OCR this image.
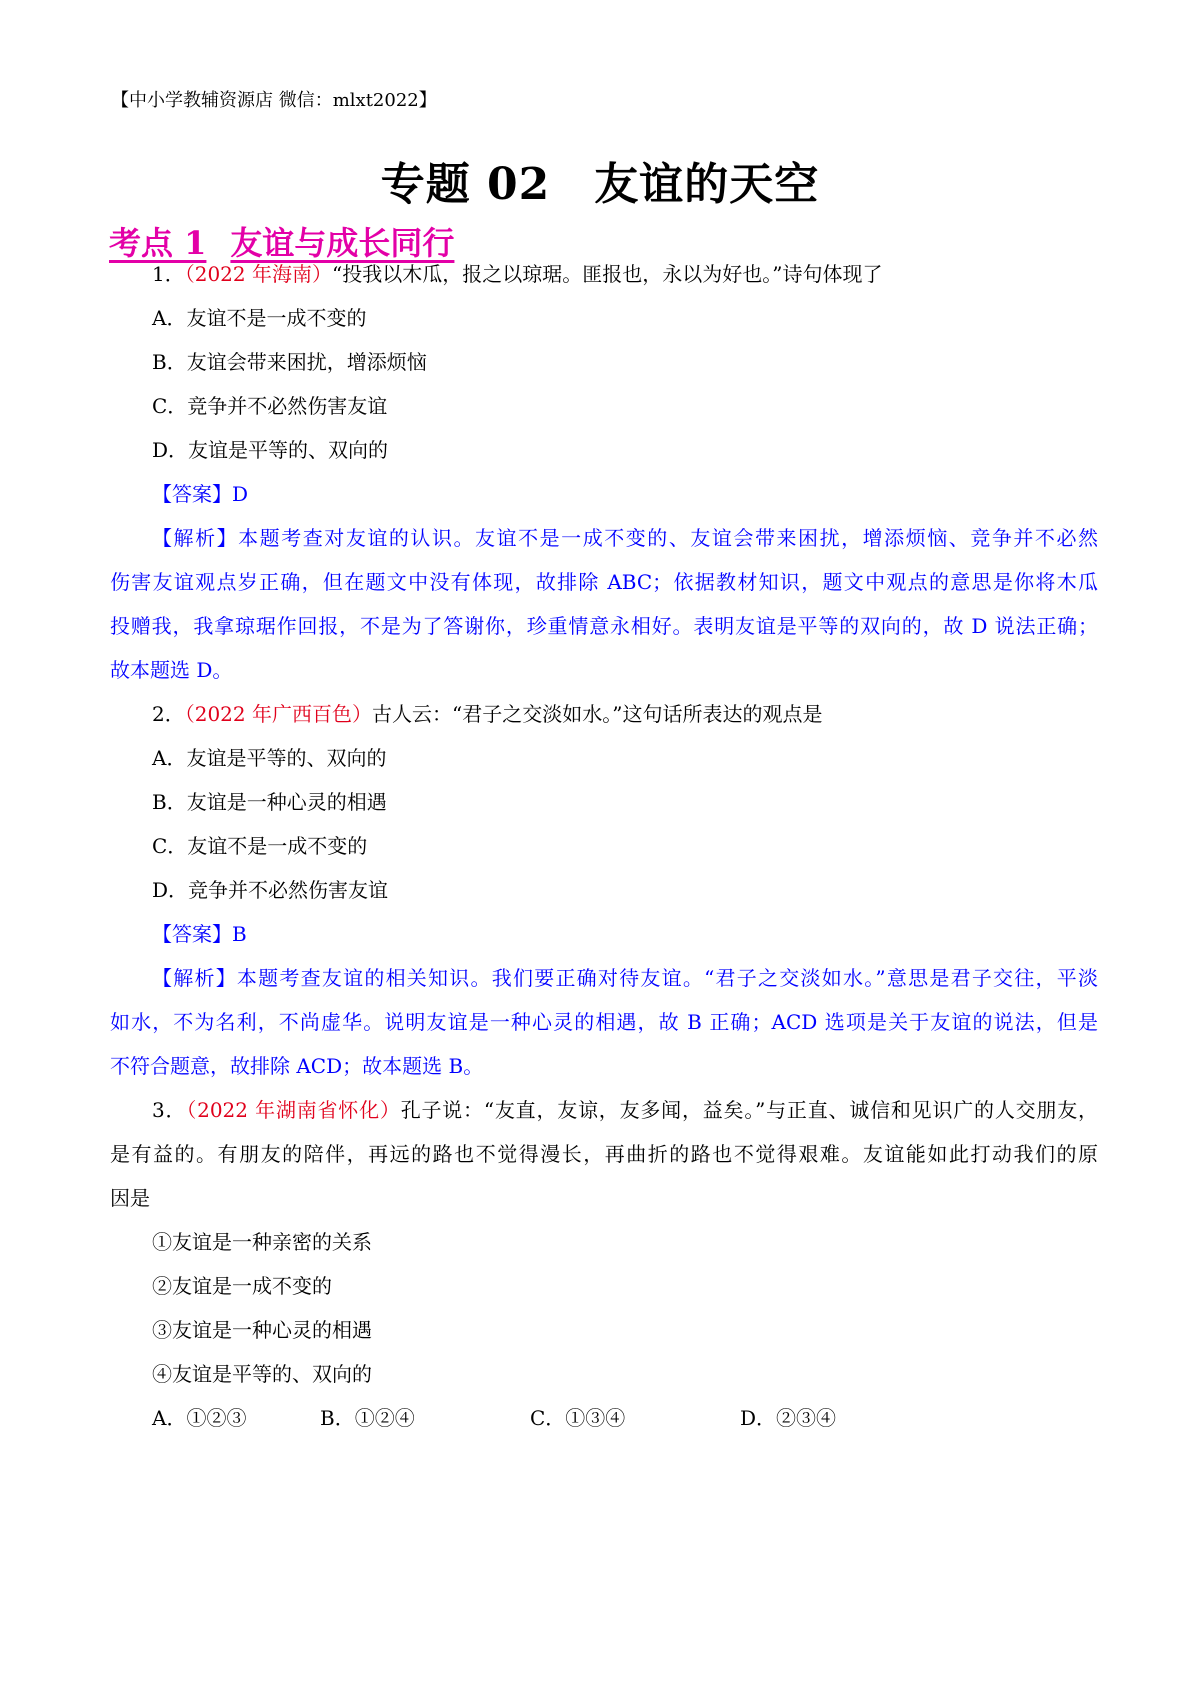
【中小学教辅资源店 微信：mlxt2022】
专题 02 友谊的天空
考点 1 友谊与成长同行
1．（2022 年海南）“投我以木瓜，报之以琼琚。匪报也，永以为好也。”诗句体现了
A．友谊不是一成不变的
B．友谊会带来困扰，增添烦恼
C．竞争并不必然伤害友谊
D．友谊是平等的、双向的
【答案】D
【解析】本题考查对友谊的认识。友谊不是一成不变的、友谊会带来困扰，增添烦恼、竞争并不必然
伤害友谊观点岁正确，但在题文中没有体现，故排除 ABC；依据教材知识，题文中观点的意思是你将木瓜
投赠我，我拿琼琚作回报，不是为了答谢你，珍重情意永相好。表明友谊是平等的双向的，故 D 说法正确；
故本题选 D。
2．（2022 年广西百色）古人云：“君子之交淡如水。”这句话所表达的观点是
A．友谊是平等的、双向的
B．友谊是一种心灵的相遇
C．友谊不是一成不变的
D．竞争并不必然伤害友谊
【答案】B
【解析】本题考查友谊的相关知识。我们要正确对待友谊。“君子之交淡如水。”意思是君子交往，平淡
如水，不为名利，不尚虚华。说明友谊是一种心灵的相遇，故 B 正确；ACD 选项是关于友谊的说法，但是
不符合题意，故排除 ACD；故本题选 B。
3．（2022 年湖南省怀化）孔子说：“友直，友谅，友多闻，益矣。”与正直、诚信和见识广的人交朋友，
是有益的。有朋友的陪伴，再远的路也不觉得漫长，再曲折的路也不觉得艰难。友谊能如此打动我们的原
因是
①友谊是一种亲密的关系
②友谊是一成不变的
③友谊是一种心灵的相遇
④友谊是平等的、双向的
A．①②③	B．①②④	C．①③④	D．②③④
